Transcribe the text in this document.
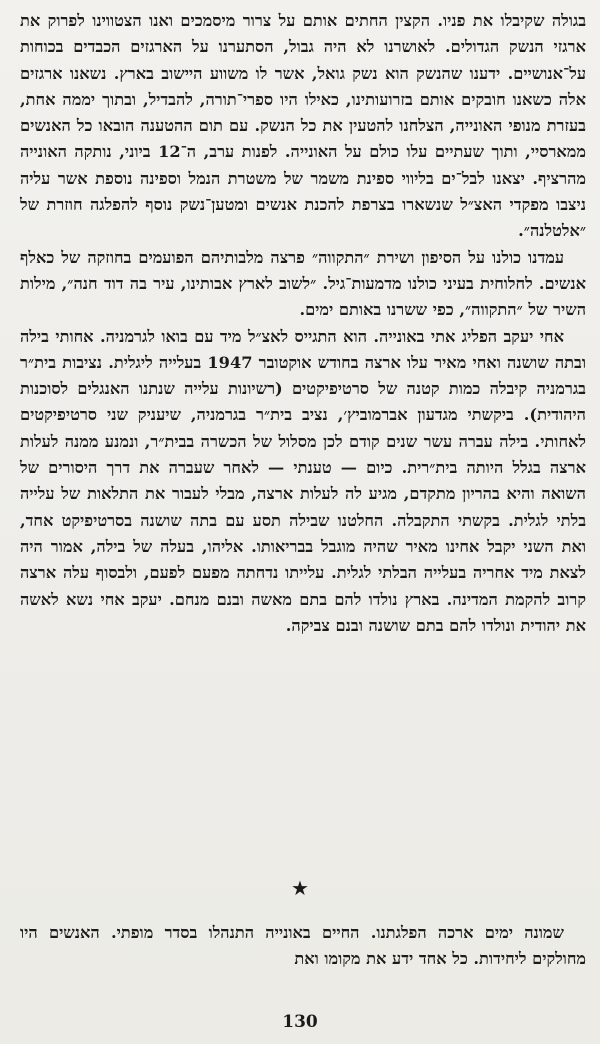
בגולה שקיבלו את פניו. הקצין החתים אותם על צרור מיסמכים ואנו הצטווינו לפרוק את ארגזי הנשק הגדולים. לאושרנו לא היה גבול, הסתערנו על הארגזים הכבדים בכוחות על־אנושיים. ידענו שהנשק הוא נשק גואל, אשר לו משווע היישוב בארץ. נשאנו ארגזים אלה כשאנו חובקים אותם בזרועותינו, כאילו היו ספרי־תורה, להבדיל, ובתוך יממה אחת, בעזרת מנופי האונייה, הצלחנו להטעין את כל הנשק. עם תום ההטענה הובאו כל האנשים ממארסיי, ותוך שעתיים עלו כולם על האונייה. לפנות ערב, ה־12 ביוני, נותקה האונייה מהרציף. יצאנו לבל־ים בליווי ספינת משמר של משטרת הנמל וספינה נוספת אשר עליה ניצבו מפקדי האצ״ל שנשארו בצרפת להכנת אנשים ומטען־נשק נוסף להפלגה חוזרת של ״אלטלנה״.

עמדנו כולנו על הסיפון ושירת ״התקווה״ פרצה מלבותיהם הפועמים בחוזקה של כאלף אנשים. לחלוחית בעיני כולנו מדמעות־גיל. ״לשוב לארץ אבותינו, עיר בה דוד חנה״, מילות השיר של ״התקווה״, כפי ששרנו באותם ימים.

אחי יעקב הפליג אתי באונייה. הוא התגייס לאצ״ל מיד עם בואו לגרמניה. אחותי בילה ובתה שושנה ואחי מאיר עלו ארצה בחודש אוקטובר 1947 בעלייה ליגלית. נציבות בית״ר בגרמניה קיבלה כמות קטנה של סרטיפיקטים (רשיונות עלייה שנתנו האנגלים לסוכנות היהודית). ביקשתי מגדעון אברמוביץ׳, נציב בית״ר בגרמניה, שיעניק שני סרטיפיקטים לאחותי. בילה עברה עשר שנים קודם לכן מסלול של הכשרה בבית״ר, ונמנע ממנה לעלות ארצה בגלל היותה בית״רית. כיום — טענתי — לאחר שעברה את דרך היסורים של השואה והיא בהריון מתקדם, מגיע לה לעלות ארצה, מבלי לעבור את התלאות של עלייה בלתי לגלית. בקשתי התקבלה. החלטנו שבילה תסע עם בתה שושנה בסרטיפיקט אחד, ואת השני יקבל אחינו מאיר שהיה מוגבל בבריאותו. אליהו, בעלה של בילה, אמור היה לצאת מיד אחריה בעלייה הבלתי לגלית. עלייתו נדחתה מפעם לפעם, ולבסוף עלה ארצה קרוב להקמת המדינה. בארץ נולדו להם בתם מאשה ובנם מנחם. יעקב אחי נשא לאשה את יהודית ונולדו להם בתם שושנה ובנם צביקה.

★

שמונה ימים ארכה הפלגתנו. החיים באונייה התנהלו בסדר מופתי. האנשים היו מחולקים ליחידות. כל אחד ידע את מקומו ואת

130
